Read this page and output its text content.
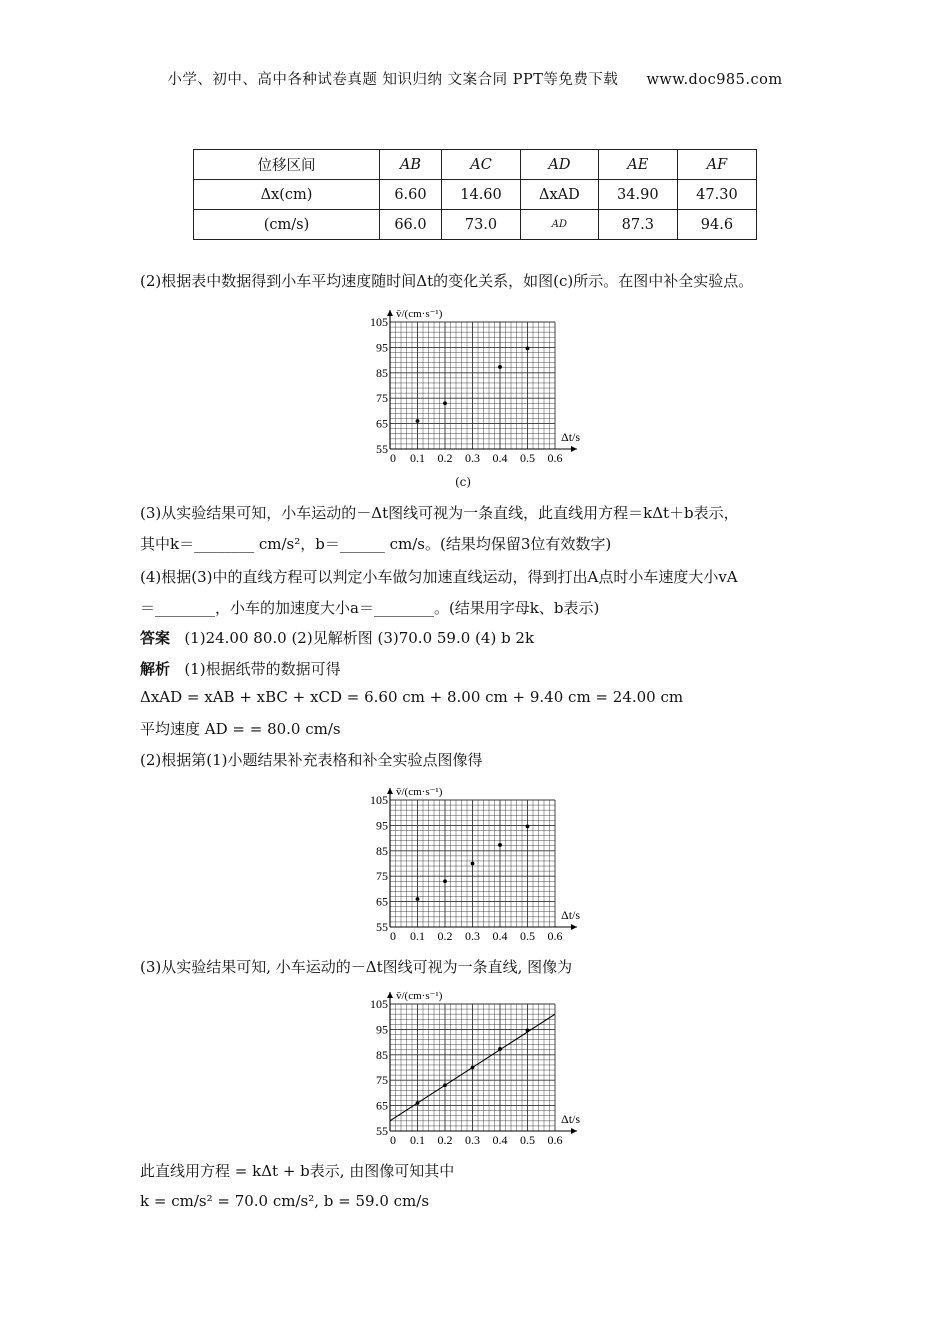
小学、初中、高中各种试卷真题 知识归纳 文案合同 PPT等免费下载 www.doc985.com
位移区间	AB	AC	AD	AE	AF
Δx(cm)	6.60	14.60	ΔxAD	34.90	47.30
(cm/s)	66.0	73.0	AD	87.3	94.6
(2)根据表中数据得到小车平均速度随时间Δt的变化关系，如图(c)所示。在图中补全实验点。
0 0.1 0.2 0.3 0.4 0.5 0.6
55
65
75
85
95
105
v̄/(cm·s⁻¹)
Δt/s
(c)
(3)从实验结果可知，小车运动的－Δt图线可视为一条直线，此直线用方程＝kΔt＋b表示，
其中k＝________ cm/s²，b＝______ cm/s。(结果均保留3位有效数字)
(4)根据(3)中的直线方程可以判定小车做匀加速直线运动，得到打出A点时小车速度大小vA
＝________，小车的加速度大小a＝________。(结果用字母k、b表示)
答案 (1)24.00 80.0 (2)见解析图 (3)70.0 59.0 (4) b 2k
解析 (1)根据纸带的数据可得
ΔxAD = xAB + xBC + xCD = 6.60 cm + 8.00 cm + 9.40 cm = 24.00 cm
平均速度 AD = = 80.0 cm/s
(2)根据第(1)小题结果补充表格和补全实验点图像得
0 0.1 0.2 0.3 0.4 0.5 0.6
55
65
75
85
95
105
v̄/(cm·s⁻¹)
Δt/s
(3)从实验结果可知, 小车运动的－Δt图线可视为一条直线, 图像为
0 0.1 0.2 0.3 0.4 0.5 0.6
55
65
75
85
95
105
v̄/(cm·s⁻¹)
Δt/s
此直线用方程 = kΔt + b表示, 由图像可知其中
k = cm/s² = 70.0 cm/s², b = 59.0 cm/s
